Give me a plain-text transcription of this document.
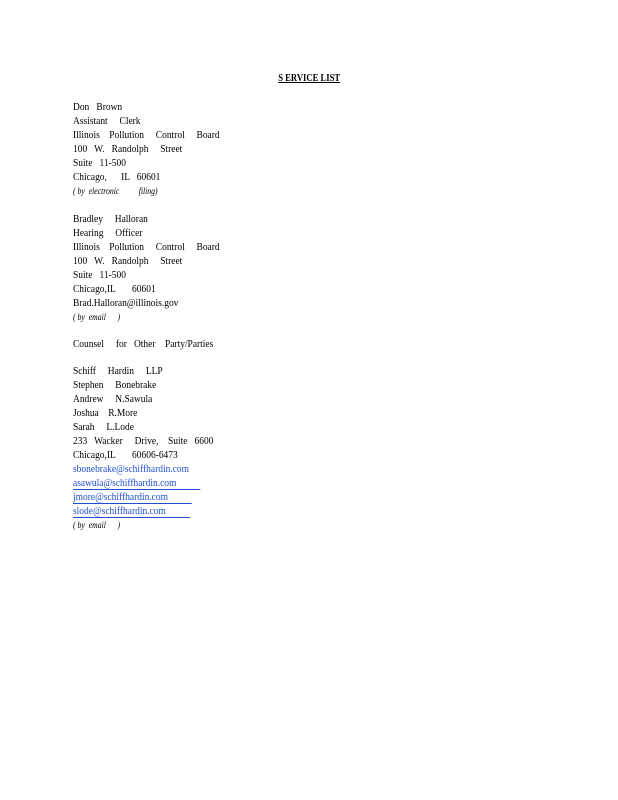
S ERVICE LIST
Don   Brown
Assistant     Clerk
Illinois    Pollution     Control     Board
100   W.   Randolph     Street
Suite   11-500
Chicago,      IL   60601
( by  electronic          filing)
Bradley     Halloran
Hearing     Officer
Illinois    Pollution     Control     Board
100   W.   Randolph     Street
Suite   11-500
Chicago,IL       60601
Brad.Halloran@illinois.gov
( by  email      )
Counsel     for   Other    Party/Parties
Schiff     Hardin     LLP
Stephen     Bonebrake
Andrew     N.Sawula
Joshua    R.More
Sarah     L.Lode
233   Wacker     Drive,    Suite   6600
Chicago,IL       60606-6473
sbonebrake@schiffhardin.com
asawula@schiffhardin.com
jmore@schiffhardin.com
slode@schiffhardin.com
( by  email      )
